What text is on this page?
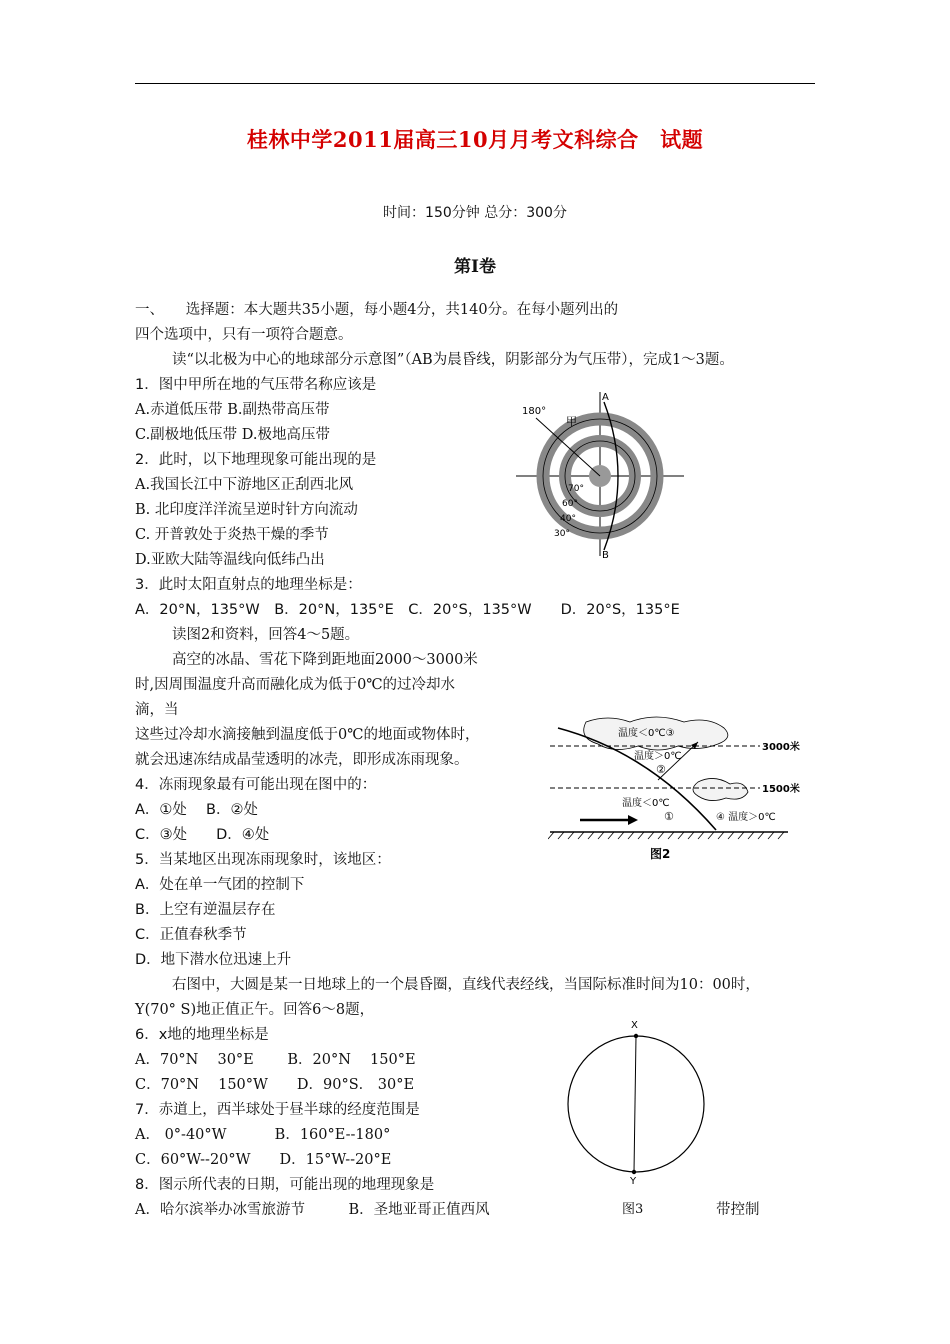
桂林中学2011届高三10月月考文科综合　试题
时间：150分钟 总分：300分
第Ⅰ卷
一、　　选择题：本大题共35小题，每小题4分，共140分。在每小题列出的
四个选项中，只有一项符合题意。
读“以北极为中心的地球部分示意图”（AB为晨昏线，阴影部分为气压带），完成1～3题。
1．图中甲所在地的气压带名称应该是
A.赤道低压带 B.副热带高压带
C.副极地低压带 D.极地高压带
2．此时，以下地理现象可能出现的是
A.我国长江中下游地区正刮西北风
B. 北印度洋洋流呈逆时针方向流动
C. 开普敦处于炎热干燥的季节
D.亚欧大陆等温线向低纬凸出
3．此时太阳直射点的地理坐标是：
A．20°N，135°W　B．20°N，135°E　C．20°S，135°W　　D．20°S，135°E
读图2和资料，回答4～5题。
高空的冰晶、雪花下降到距地面2000～3000米
时,因周围温度升高而融化成为低于0℃的过冷却水
滴，当
这些过冷却水滴接触到温度低于0℃的地面或物体时，
就会迅速冻结成晶莹透明的冰壳，即形成冻雨现象。
4．冻雨现象最有可能出现在图中的：
A．①处　 B．②处
C．③处　　D．④处
5．当某地区出现冻雨现象时，该地区：
A．处在单一气团的控制下
B．上空有逆温层存在
C．正值春秋季节
D．地下潜水位迅速上升
右图中，大圆是某一日地球上的一个晨昏圈，直线代表经线，当国际标准时间为10：00时，
Y(70° S)地正值正午。回答6～8题，
6．x地的地理坐标是
A．70°N　 30°E　　 B．20°N　 150°E
C．70°N　 150°W　　D．90°S． 30°E
7．赤道上，西半球处于昼半球的经度范围是
A． 0°-40°W　　　 B．160°E--180°
C．60°W--20°W　　D．15°W--20°E
8．图示所代表的日期，可能出现的地理现象是
A．哈尔滨举办冰雪旅游节　　　B．圣地亚哥正值西风	图3	带控制
180°
甲
A
B
70°
60°
40°
30°
温度＜0℃③
温度＞0℃
②
3000米
1500米
温度＜0℃
①	④ 温度＞0℃
图2
X
Y
